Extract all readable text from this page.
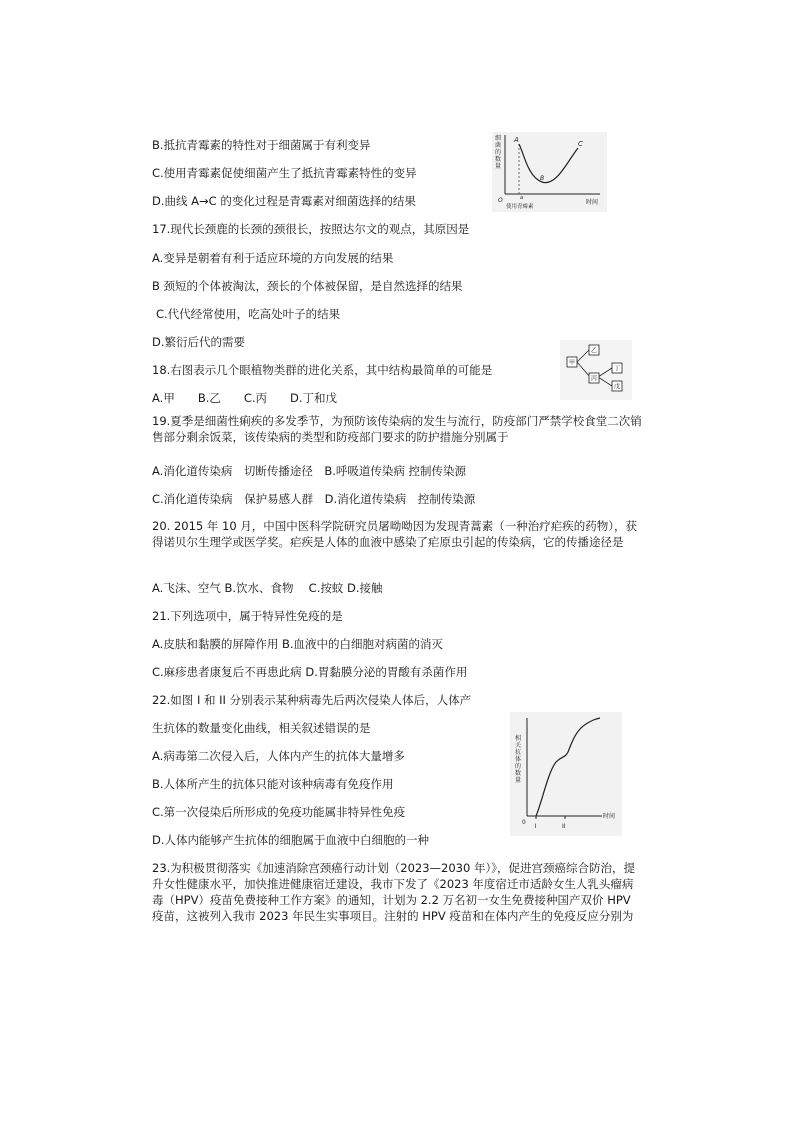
B.抵抗青霉素的特性对于细菌属于有利变异
C.使用青霉素促使细菌产生了抵抗青霉素特性的变异
D.曲线 A→C 的变化过程是青霉素对细菌选择的结果
细
菌
的
数
量
A
B
C
O	a
使用青霉素
时间
17.现代长颈鹿的长颈的颈很长，按照达尔文的观点，其原因是
A.变异是朝着有利于适应环境的方向发展的结果
B 颈短的个体被淘汰，颈长的个体被保留，是自然选择的结果
C.代代经常使用，吃高处叶子的结果
D.繁衍后代的需要
18.右图表示几个眼植物类群的进化关系，其中结构最简单的可能是
A.甲　　B.乙　　C.丙　　D.丁和戊
甲
乙
丙
丁
戊
19.夏季是细菌性痢疾的多发季节，为预防该传染病的发生与流行，防疫部门严禁学校食堂二次销售部分剩余饭菜，该传染病的类型和防疫部门要求的防护措施分别属于
A.消化道传染病　切断传播途径　B.呼吸道传染病 控制传染源
C.消化道传染病　保护易感人群　D.消化道传染病　控制传染源
20. 2015 年 10 月，中国中医科学院研究员屠呦呦因为发现青蒿素（一种治疗疟疾的药物），获得诺贝尔生理学或医学奖。疟疾是人体的血液中感染了疟原虫引起的传染病，它的传播途径是
A.飞沫、空气 B.饮水、食物　 C.按蚊 D.接触
21.下列选项中，属于特异性免疫的是
A.皮肤和黏膜的屏障作用 B.血液中的白细胞对病菌的消灭
C.麻疹患者康复后不再患此病 D.胃黏膜分泌的胃酸有杀菌作用
22.如图 I 和 II 分别表示某种病毒先后两次侵染人体后，人体产
生抗体的数量变化曲线，相关叙述错误的是
A.病毒第二次侵入后，人体内产生的抗体大量增多
B.人体所产生的抗体只能对该种病毒有免疫作用
C.第一次侵染后所形成的免疫功能属非特异性免疫
D.人体内能够产生抗体的细胞属于血液中白细胞的一种
相
关
抗
体
的
数
量
0
I	II
时间
23.为积极贯彻落实《加速消除宫颈癌行动计划（2023—2030 年）》，促进宫颈癌综合防治，提升女性健康水平，加快推进健康宿迁建设，我市下发了《2023 年度宿迁市适龄女生人乳头瘤病毒（HPV）疫苗免费接种工作方案》的通知，计划为 2.2 万名初一女生免费接种国产双价 HPV 疫苗，这被列入我市 2023 年民生实事项目。注射的 HPV 疫苗和在体内产生的免疫反应分别为
